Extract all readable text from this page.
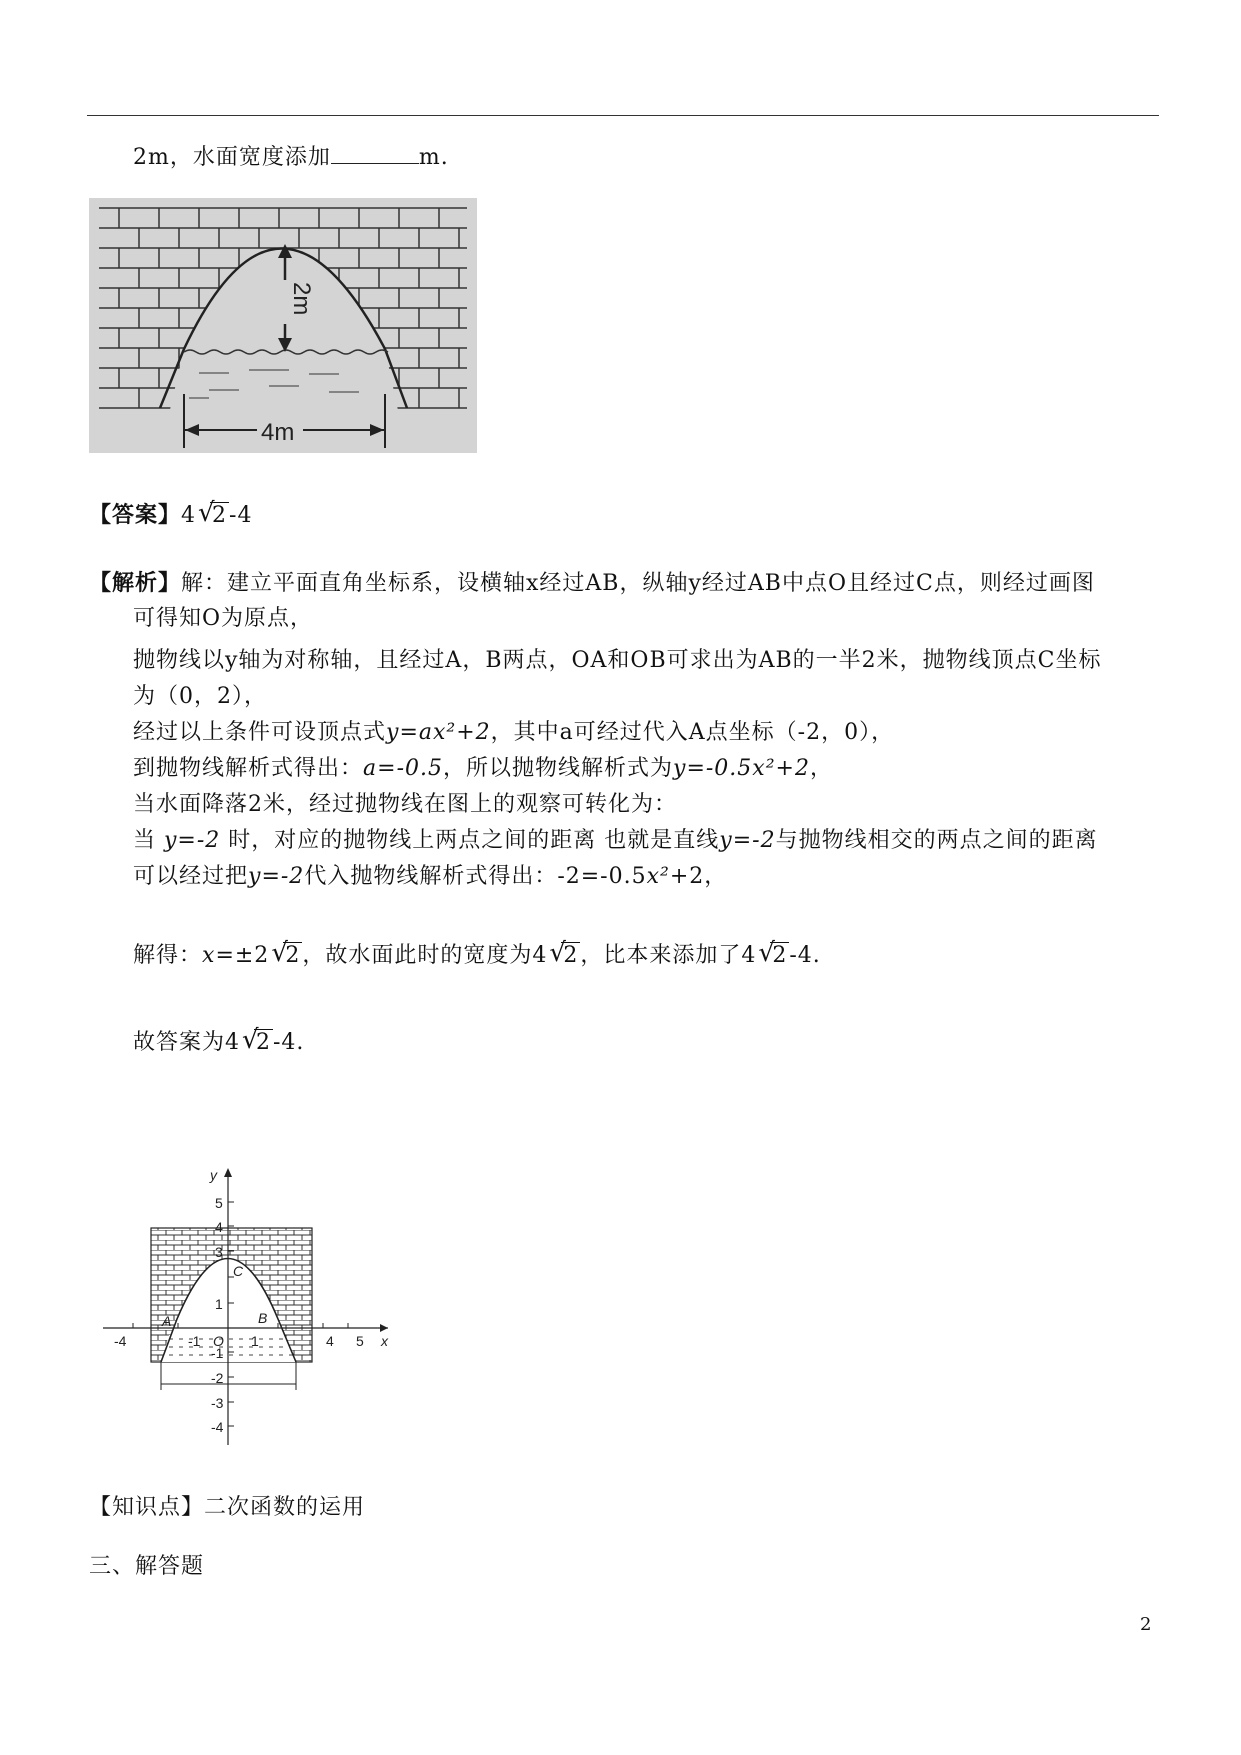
2m，水面宽度添加	m.
2m
4m
【答案】4 √
2-4
【解析】解：建立平面直角坐标系，设横轴x经过AB，纵轴y经过AB中点O且经过C点，则经过画图
可得知O为原点，
抛物线以y轴为对称轴，且经过A，B两点，OA和OB可求出为AB的一半2米，抛物线顶点C坐标
为（0，2），
经过以上条件可设顶点式y=ax²+2，其中a可经过代入A点坐标（-2，0），
到抛物线解析式得出：a=-0.5，所以抛物线解析式为y=-0.5x²+2，
当水面降落2米，经过抛物线在图上的观察可转化为：
当 y=-2 时，对应的抛物线上两点之间的距离 也就是直线y=-2与抛物线相交的两点之间的距离
可以经过把y=-2代入抛物线解析式得出：-2=-0.5x²+2，
解得：x=±2 √
2，故水面此时的宽度为4 √
2，比本来添加了4 √
2-4.
故答案为4 √
2-4.
y
x
5
4
3
1
-1
-2
-3
-4
-4	-1 O 1	4 5
A	B
C
【知识点】二次函数的运用
三、解答题
2
